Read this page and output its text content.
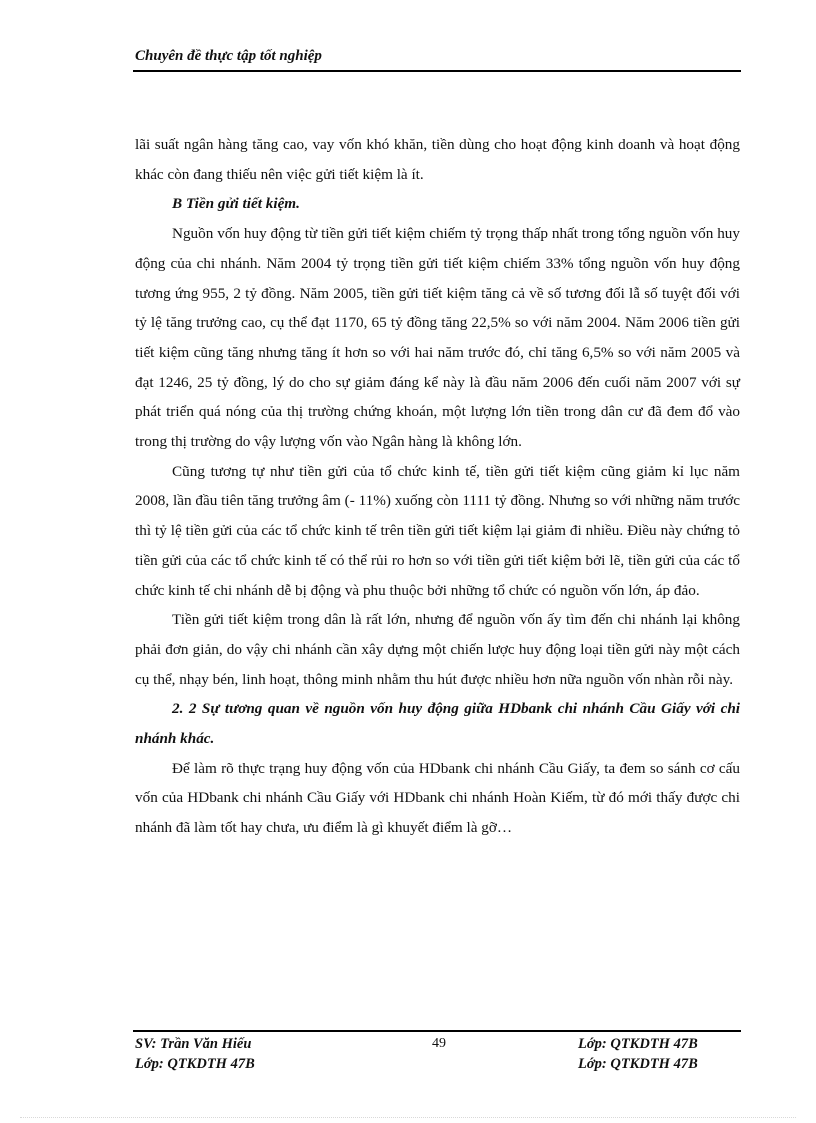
Chuyên đề thực tập tốt nghiệp

lãi suất ngân hàng tăng cao, vay vốn khó khăn, tiền dùng cho hoạt động kinh doanh và hoạt động khác còn đang thiếu nên việc gửi tiết kiệm là ít.

B Tiền gửi tiết kiệm.

Nguồn vốn huy động từ tiền gửi tiết kiệm chiếm tỷ trọng thấp nhất trong tổng nguồn vốn huy động của chi nhánh. Năm 2004 tỷ trọng tiền gửi tiết kiệm chiếm 33% tổng nguồn vốn huy động tương ứng 955, 2 tỷ đồng. Năm 2005, tiền gửi tiết kiệm tăng cả về số tương đối lẫ số tuyệt đối với tỷ lệ tăng trưởng cao, cụ thể đạt 1170, 65 tỷ đồng tăng 22,5% so với năm 2004. Năm 2006 tiền gửi tiết kiệm cũng tăng nhưng tăng ít hơn so với hai năm trước đó, chỉ tăng 6,5% so với năm 2005 và đạt 1246, 25 tỷ đồng, lý do cho sự giảm đáng kể này là đầu năm 2006 đến cuối năm 2007 với sự phát triển quá nóng của thị trường chứng khoán, một lượng lớn tiền trong dân cư đã đem đổ vào trong thị trường do vậy lượng vốn vào Ngân hàng là không lớn.

Cũng tương tự như tiền gửi của tổ chức kinh tế, tiền gửi tiết kiệm cũng giảm kỉ lục năm 2008, lần đầu tiên tăng trưởng âm (- 11%) xuống còn 1111 tỷ đồng. Nhưng so với những năm trước thì tỷ lệ tiền gửi của các tổ chức kinh tế trên tiền gửi tiết kiệm lại giảm đi nhiều. Điều này chứng tỏ tiền gửi của các tổ chức kinh tế có thể rủi ro hơn so với tiền gửi tiết kiệm bởi lẽ, tiền gửi của các tổ chức kinh tế chi nhánh dễ bị động và phu thuộc bởi những tổ chức có nguồn vốn lớn, áp đảo.

Tiền gửi tiết kiệm trong dân là rất lớn, nhưng để nguồn vốn ấy tìm đến chi nhánh lại không phải đơn giản, do vậy chi nhánh cần xây dựng một chiến lược huy động loại tiền gửi này một cách cụ thể, nhạy bén, linh hoạt, thông minh nhằm thu hút được nhiều hơn nữa nguồn vốn nhàn rỗi này.

2. 2 Sự tương quan về nguồn vốn huy động giữa HDbank chi nhánh Cầu Giấy với chi nhánh khác.

Để làm rõ thực trạng huy động vốn của HDbank chi nhánh Cầu Giấy, ta đem so sánh cơ cấu vốn của HDbank chi nhánh Cầu Giấy với HDbank chi nhánh Hoàn Kiếm, từ đó mới thấy được chi nhánh đã làm tốt hay chưa, ưu điểm là gì khuyết điểm là gỡ…

SV: Trần Văn Hiếu	49	Lớp: QTKDTH 47B
Lớp: QTKDTH 47B	Lớp: QTKDTH 47B
